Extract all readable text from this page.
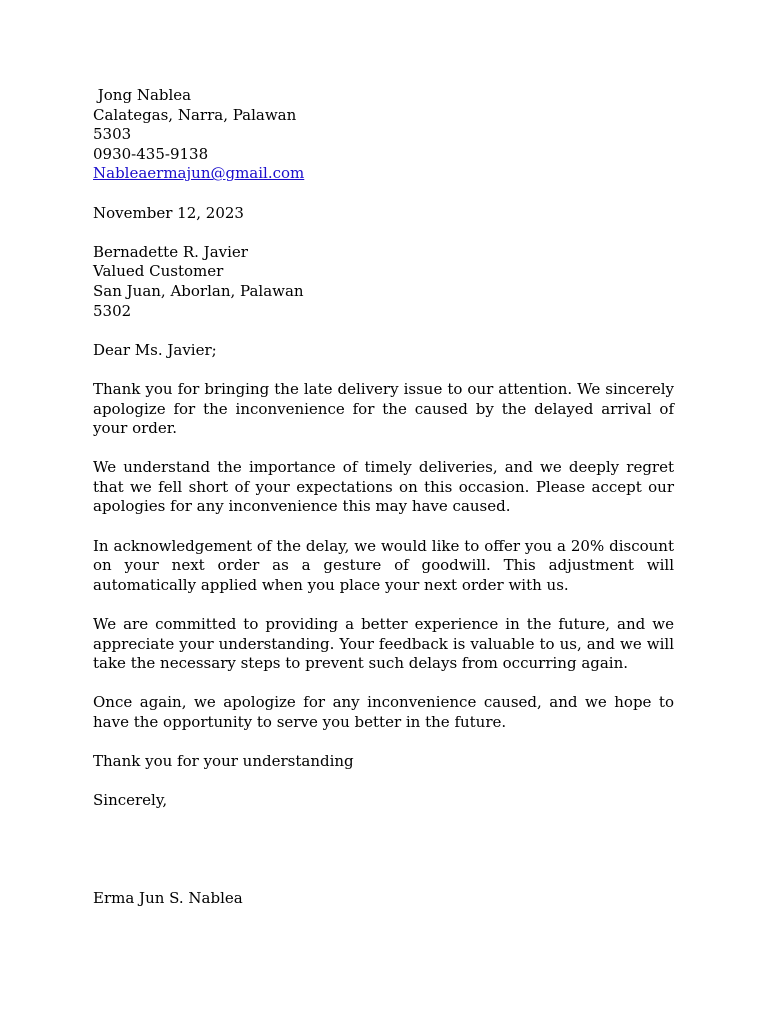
Jong Nablea
Calategas, Narra, Palawan
5303
0930-435-9138
Nableaermajun@gmail.com
November 12, 2023
Bernadette R. Javier
Valued Customer
San Juan, Aborlan, Palawan
5302
Dear Ms. Javier;

Thank you for bringing the late delivery issue to our attention. We sincerely apologize for the inconvenience for the caused by the delayed arrival of your order.

We understand the importance of timely deliveries, and we deeply regret that we fell short of your expectations on this occasion. Please accept our apologies for any inconvenience this may have caused.

In acknowledgement of the delay, we would like to offer you a 20% discount on your next order as a gesture of goodwill. This adjustment will automatically applied when you place your next order with us.

We are committed to providing a better experience in the future, and we appreciate your understanding. Your feedback is valuable to us, and we will take the necessary steps to prevent such delays from occurring again.

Once again, we apologize for any inconvenience caused, and we hope to have the opportunity to serve you better in the future.

Thank you for your understanding
Sincerely,
Erma Jun S. Nablea
